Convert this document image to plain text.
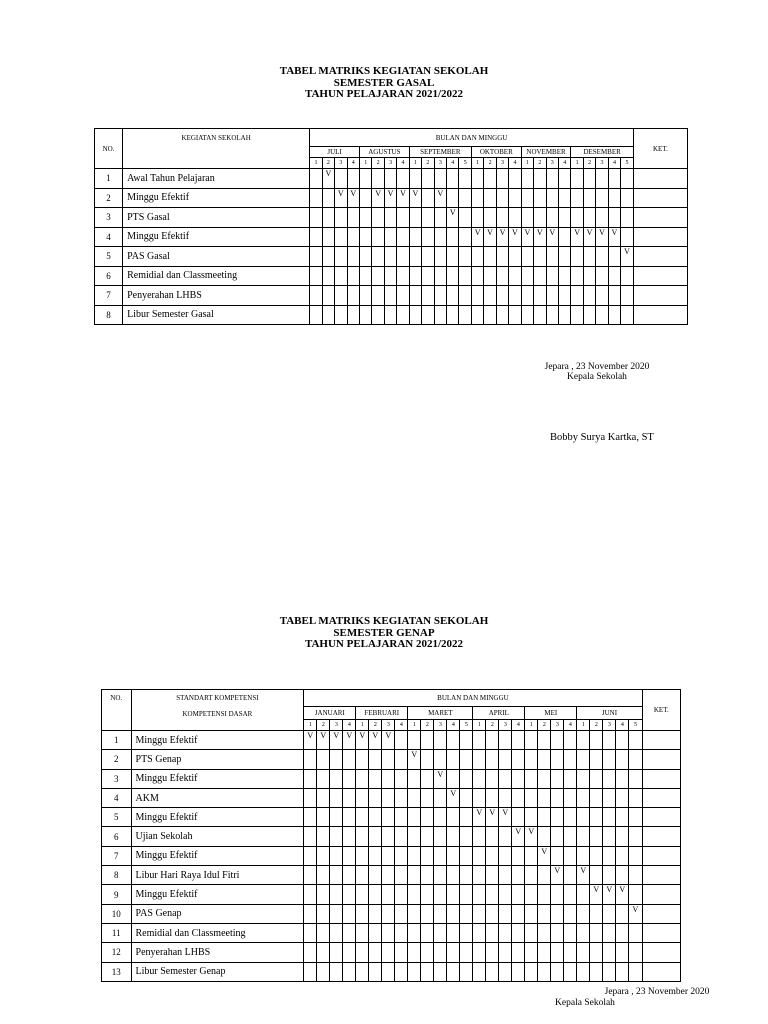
TABEL MATRIKS KEGIATAN SEKOLAH
SEMESTER GASAL
TAHUN PELAJARAN 2021/2022
NO.	KEGIATAN SEKOLAH	BULAN DAN MINGGU																										KET.
		JULI				AGUSTUS				SEPTEMBER					OKTOBER				NOVEMBER				DESEMBER					
		1	2	3	4	1	2	3	4	1	2	3	4	5	1	2	3	4	1	2	3	4	1	2	3	4	5	
1	Awal Tahun Pelajaran		V																									
2	Minggu Efektif			V	V		V	V	V	V		V																
3	PTS Gasal												V															
4	Minggu Efektif														V	V	V	V	V	V	V		V	V	V	V		
5	PAS Gasal																										V	
6	Remidial dan Classmeeting																											
7	Penyerahan LHBS																											
8	Libur Semester Gasal																											
Jepara , 23 November 2020
Kepala Sekolah
Bobby Surya Kartka, ST
TABEL MATRIKS KEGIATAN SEKOLAH
SEMESTER GENAP
TAHUN PELAJARAN 2021/2022
NO.	STANDART KOMPETENSI
KOMPETENSI DASAR	BULAN DAN MINGGU																										KET.
		JANUARI				FEBRUARI				MARET					APRIL				MEI				JUNI					
		1	2	3	4	1	2	3	4	1	2	3	4	5	1	2	3	4	1	2	3	4	1	2	3	4	5	
1	Minggu Efektif	V	V	V	V	V	V	V																				
2	PTS Genap									V																		
3	Minggu Efektif											V																
4	AKM												V															
5	Minggu Efektif														V	V	V											
6	Ujian Sekolah																	V	V									
7	Minggu Efektif																			V								
8	Libur Hari Raya Idul Fitri																				V		V					
9	Minggu Efektif																							V	V	V		
10	PAS Genap																										V	
11	Remidial dan Classmeeting																											
12	Penyerahan LHBS																											
13	Libur Semester Genap																											
Jepara , 23 November 2020
Kepala Sekolah
